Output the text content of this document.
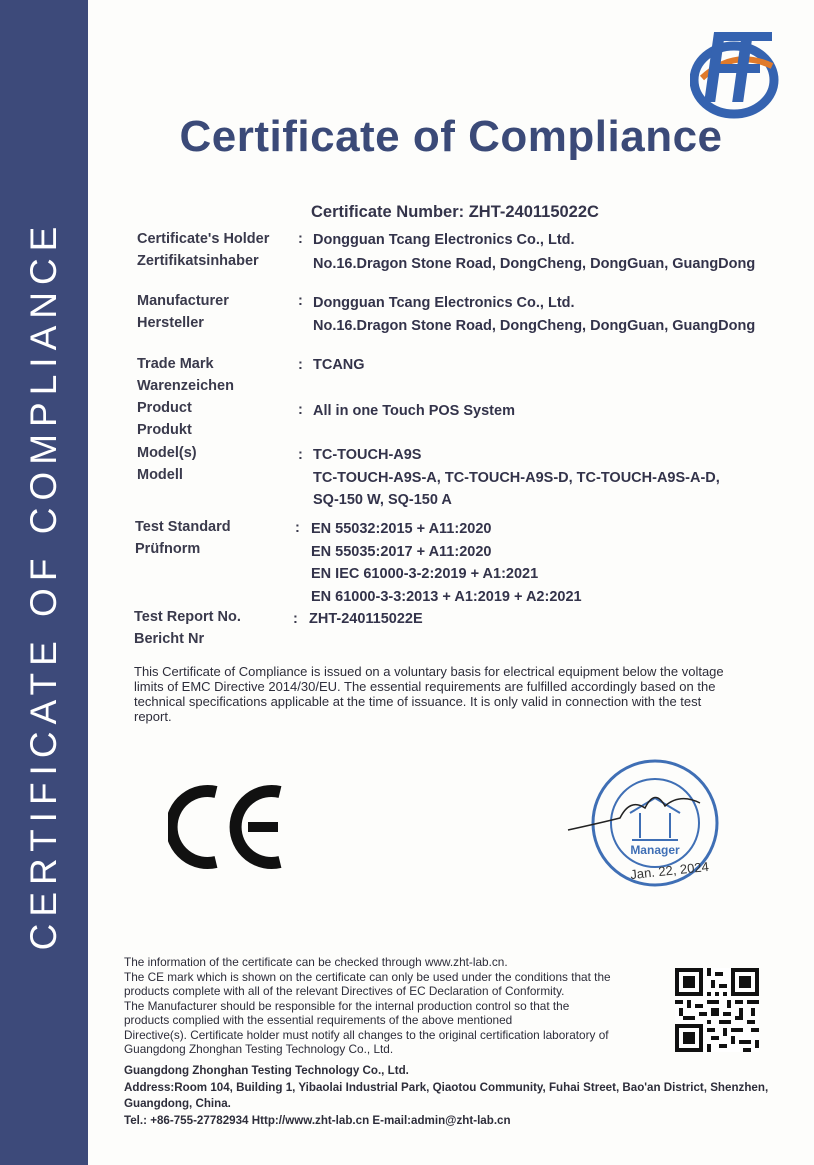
CERTIFICATE OF COMPLIANCE
Certificate of Compliance
Certificate Number: ZHT-240115022C
Certificate's Holder
Zertifikatsinhaber
: Dongguan Tcang Electronics Co., Ltd.
No.16.Dragon Stone Road, DongCheng, DongGuan, GuangDong
Manufacturer
Hersteller
: Dongguan Tcang Electronics Co., Ltd.
No.16.Dragon Stone Road, DongCheng, DongGuan, GuangDong
Trade Mark
Warenzeichen
: TCANG
Product
Produkt
: All in one Touch POS System
Model(s)
Modell
: TC-TOUCH-A9S
TC-TOUCH-A9S-A, TC-TOUCH-A9S-D, TC-TOUCH-A9S-A-D,
SQ-150 W, SQ-150 A
Test Standard
Prüfnorm
: EN 55032:2015 + A11:2020
EN 55035:2017 + A11:2020
EN IEC 61000-3-2:2019 + A1:2021
EN 61000-3-3:2013 + A1:2019 + A2:2021
Test Report No.
Bericht Nr
: ZHT-240115022E
This Certificate of Compliance is issued on a voluntary basis for electrical equipment below the voltage
limits of EMC Directive 2014/30/EU. The essential requirements are fulfilled accordingly based on the
technical specifications applicable at the time of issuance. It is only valid in connection with the test
report.
Manager
Jan. 22, 2024
The information of the certificate can be checked through www.zht-lab.cn.
The CE mark which is shown on the certificate can only be used under the conditions that the
products complete with all of the relevant Directives of EC Declaration of Conformity.
The Manufacturer should be responsible for the internal production control so that the
products complied with the essential requirements of the above mentioned
Directive(s). Certificate holder must notify all changes to the original certification laboratory of
Guangdong Zhonghan Testing Technology Co., Ltd.
Guangdong Zhonghan Testing Technology Co., Ltd.
Address:Room 104, Building 1, Yibaolai Industrial Park, Qiaotou Community, Fuhai Street, Bao'an District, Shenzhen,
Guangdong, China.
Tel.: +86-755-27782934 Http://www.zht-lab.cn E-mail:admin@zht-lab.cn
